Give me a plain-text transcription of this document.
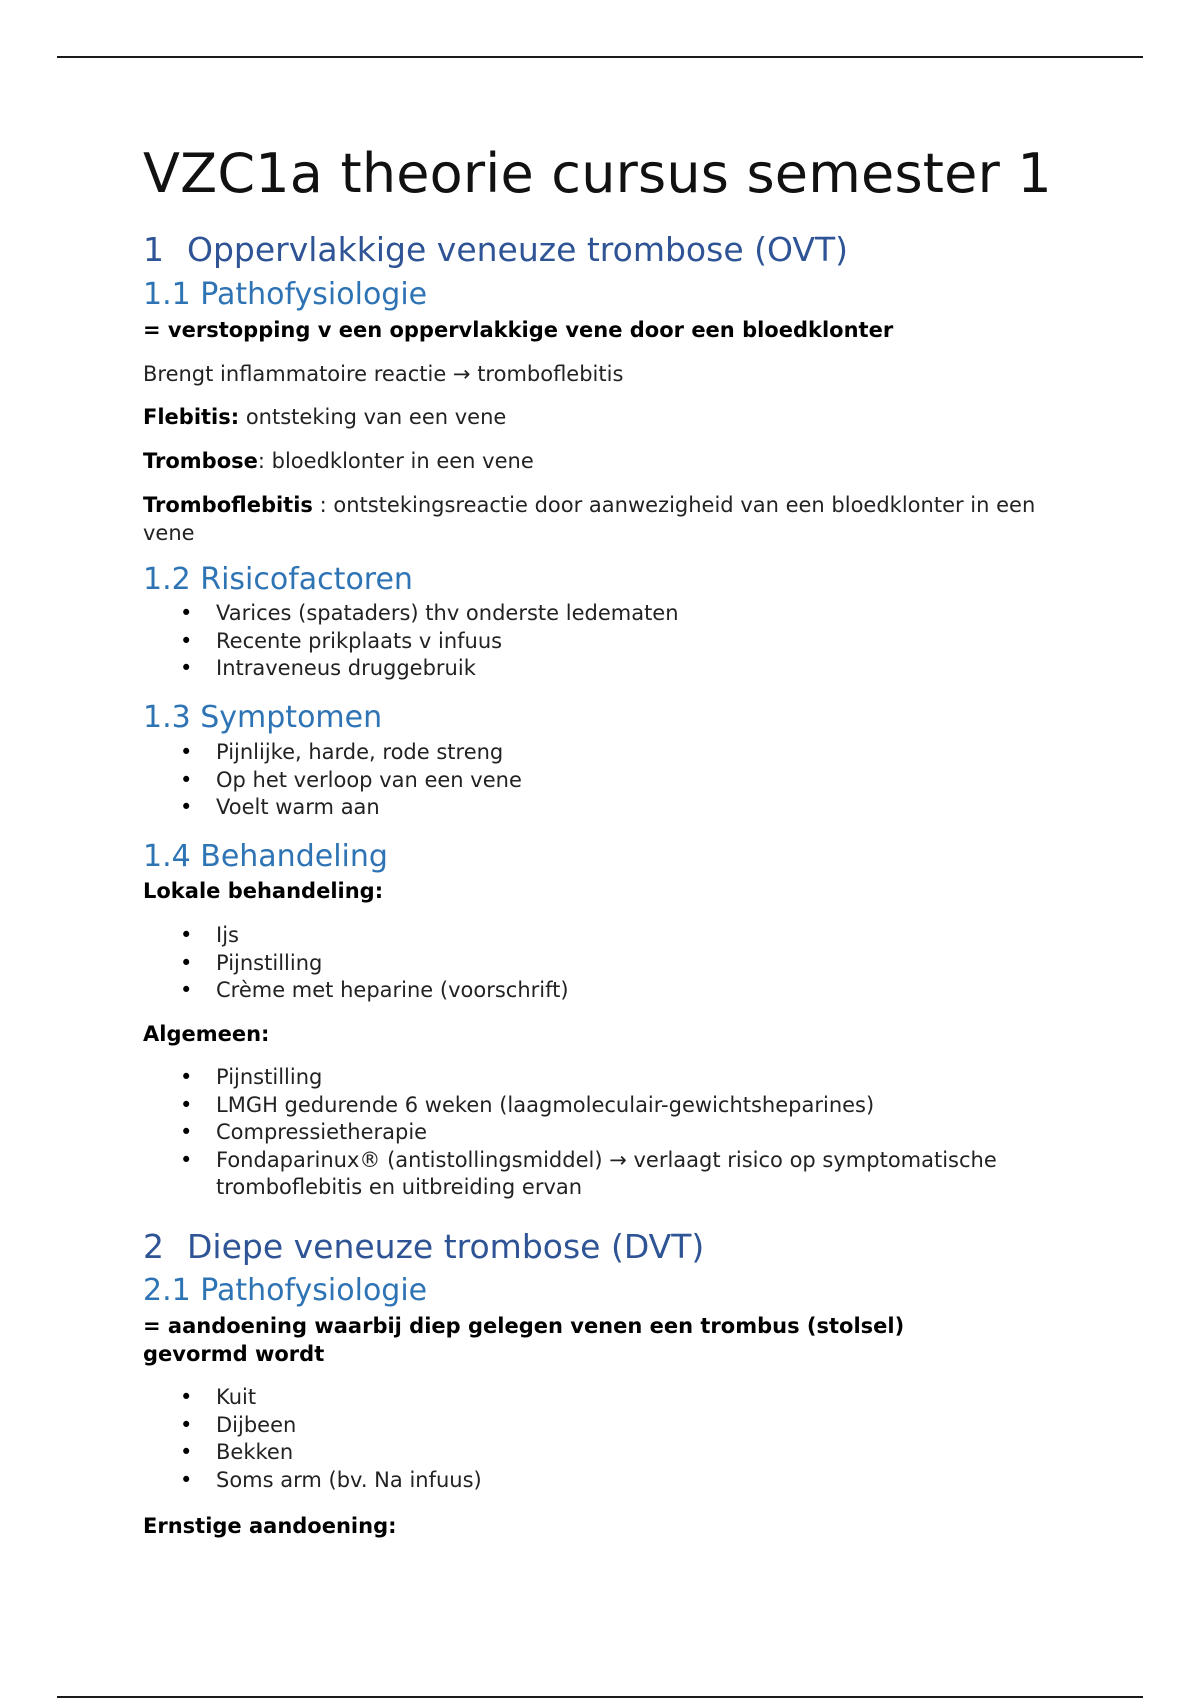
VZC1a theorie cursus semester 1
1 Oppervlakkige veneuze trombose (OVT)
1.1 Pathofysiologie

= verstopping v een oppervlakkige vene door een bloedklonter

Brengt inflammatoire reactie → tromboflebitis

Flebitis: ontsteking van een vene

Trombose: bloedklonter in een vene

Tromboflebitis : ontstekingsreactie door aanwezigheid van een bloedklonter in een vene

1.2 Risicofactoren
• Varices (spataders) thv onderste ledematen
• Recente prikplaats v infuus
• Intraveneus druggebruik
1.3 Symptomen
• Pijnlijke, harde, rode streng
• Op het verloop van een vene
• Voelt warm aan
1.4 Behandeling

Lokale behandeling:

• Ijs
• Pijnstilling
• Crème met heparine (voorschrift)

Algemeen:

• Pijnstilling
• LMGH gedurende 6 weken (laagmoleculair-gewichtsheparines)
• Compressietherapie
• Fondaparinux® (antistollingsmiddel) → verlaagt risico op symptomatische tromboflebitis en uitbreiding ervan
2 Diepe veneuze trombose (DVT)
2.1 Pathofysiologie

= aandoening waarbij diep gelegen venen een trombus (stolsel) gevormd wordt

• Kuit
• Dijbeen
• Bekken
• Soms arm (bv. Na infuus)

Ernstige aandoening:
